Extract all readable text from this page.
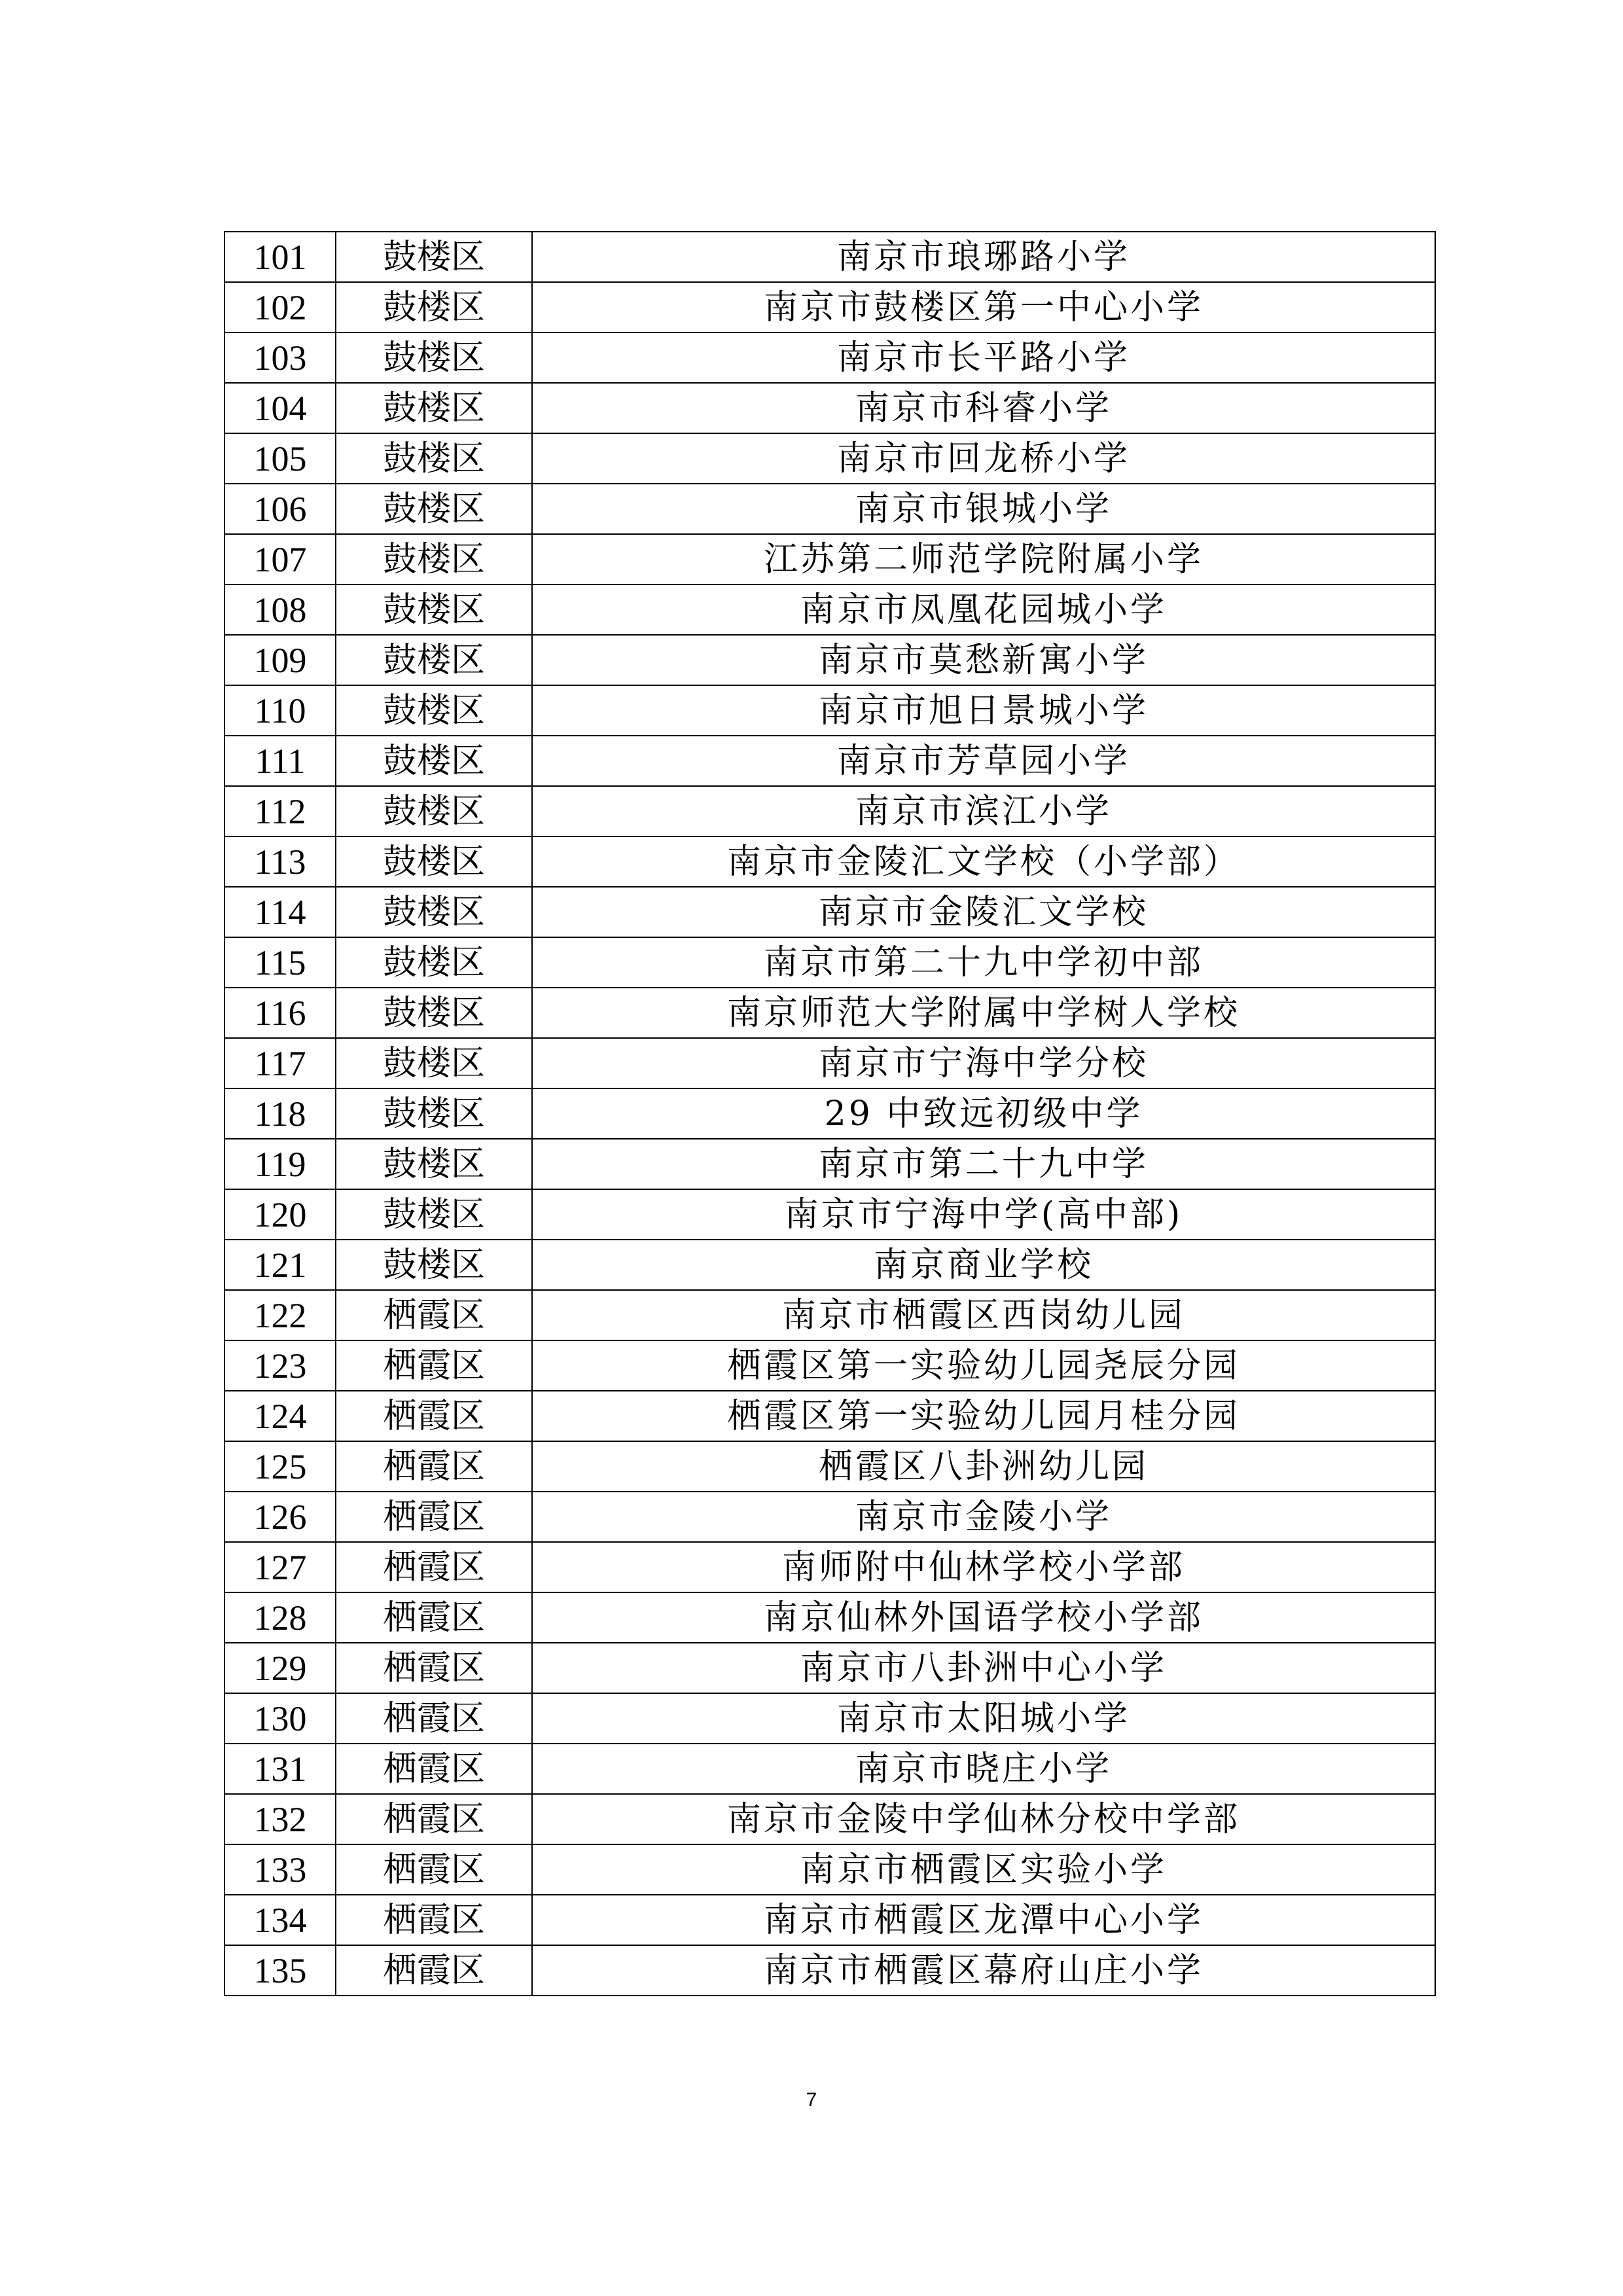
101	鼓楼区	南京市琅琊路小学
102	鼓楼区	南京市鼓楼区第一中心小学
103	鼓楼区	南京市长平路小学
104	鼓楼区	南京市科睿小学
105	鼓楼区	南京市回龙桥小学
106	鼓楼区	南京市银城小学
107	鼓楼区	江苏第二师范学院附属小学
108	鼓楼区	南京市凤凰花园城小学
109	鼓楼区	南京市莫愁新寓小学
110	鼓楼区	南京市旭日景城小学
111	鼓楼区	南京市芳草园小学
112	鼓楼区	南京市滨江小学
113	鼓楼区	南京市金陵汇文学校（小学部）
114	鼓楼区	南京市金陵汇文学校
115	鼓楼区	南京市第二十九中学初中部
116	鼓楼区	南京师范大学附属中学树人学校
117	鼓楼区	南京市宁海中学分校
118	鼓楼区	29 中致远初级中学
119	鼓楼区	南京市第二十九中学
120	鼓楼区	南京市宁海中学(高中部)
121	鼓楼区	南京商业学校
122	栖霞区	南京市栖霞区西岗幼儿园
123	栖霞区	栖霞区第一实验幼儿园尧辰分园
124	栖霞区	栖霞区第一实验幼儿园月桂分园
125	栖霞区	栖霞区八卦洲幼儿园
126	栖霞区	南京市金陵小学
127	栖霞区	南师附中仙林学校小学部
128	栖霞区	南京仙林外国语学校小学部
129	栖霞区	南京市八卦洲中心小学
130	栖霞区	南京市太阳城小学
131	栖霞区	南京市晓庄小学
132	栖霞区	南京市金陵中学仙林分校中学部
133	栖霞区	南京市栖霞区实验小学
134	栖霞区	南京市栖霞区龙潭中心小学
135	栖霞区	南京市栖霞区幕府山庄小学
7
